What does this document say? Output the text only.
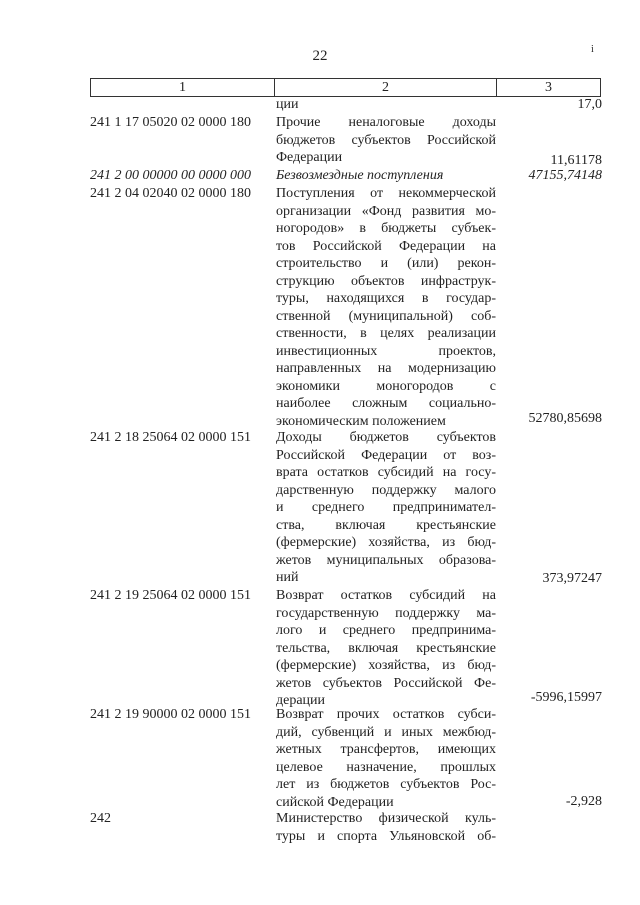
22	i
1	2	3
ции	17,0
241 1 17 05020 02 0000 180	Прочие неналоговые доходы
бюджетов субъектов Российской
Федерации	11,61178
241 2 00 00000 00 0000 000	Безвозмездные поступления	47155,74148
241 2 04 02040 02 0000 180	Поступления от некоммерческой
организации «Фонд развития мо-
ногородов» в бюджеты субъек-
тов Российской Федерации на
строительство и (или) рекон-
струкцию объектов инфраструк-
туры, находящихся в государ-
ственной (муниципальной) соб-
ственности, в целях реализации
инвестиционных проектов,
направленных на модернизацию
экономики моногородов с
наиболее сложным социально-
экономическим положением	52780,85698
241 2 18 25064 02 0000 151	Доходы бюджетов субъектов
Российской Федерации от воз-
врата остатков субсидий на госу-
дарственную поддержку малого
и среднего предпринимател-
ства, включая крестьянские
(фермерские) хозяйства, из бюд-
жетов муниципальных образова-
ний	373,97247
241 2 19 25064 02 0000 151	Возврат остатков субсидий на
государственную поддержку ма-
лого и среднего предпринима-
тельства, включая крестьянские
(фермерские) хозяйства, из бюд-
жетов субъектов Российской Фе-
дерации	-5996,15997
241 2 19 90000 02 0000 151	Возврат прочих остатков субси-
дий, субвенций и иных межбюд-
жетных трансфертов, имеющих
целевое назначение, прошлых
лет из бюджетов субъектов Рос-
сийской Федерации	-2,928
242	Министерство физической куль-
туры и спорта Ульяновской об-
